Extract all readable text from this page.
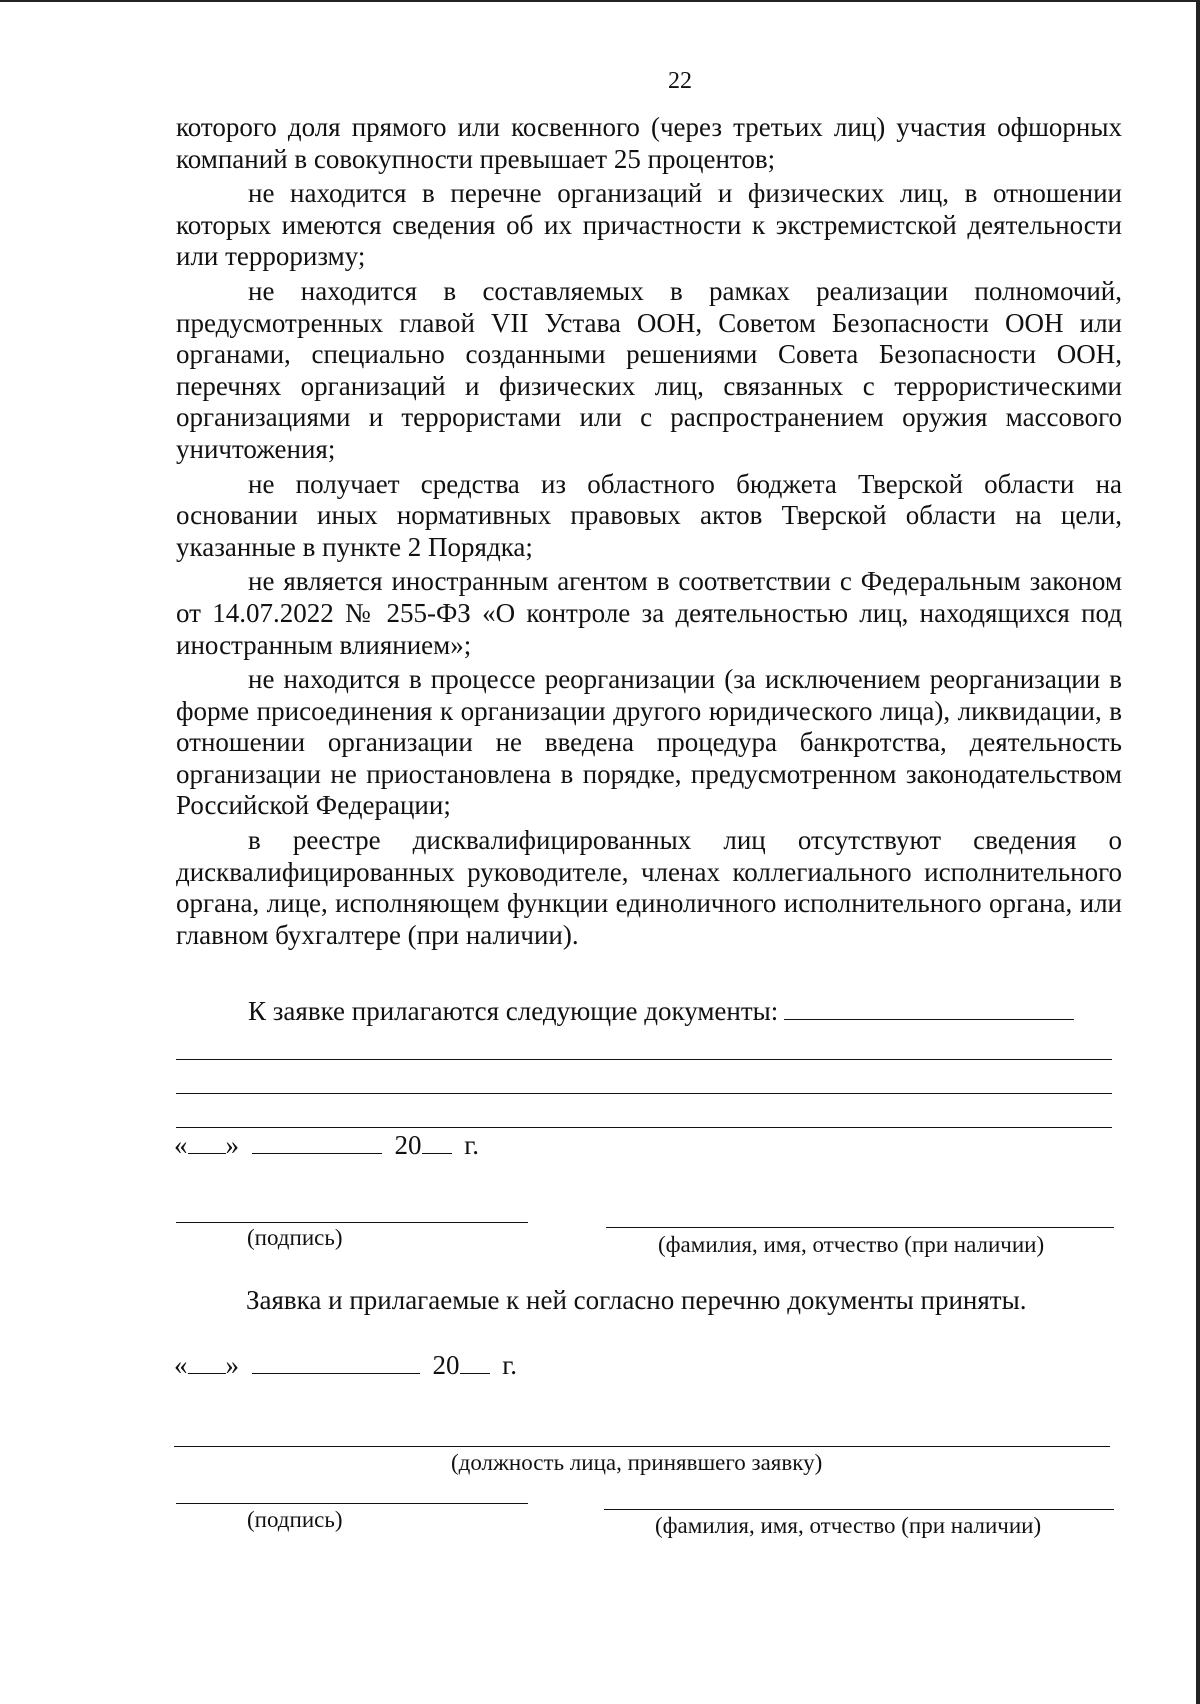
22

которого доля прямого или косвенного (через третьих лиц) участия офшорных компаний в совокупности превышает 25 процентов;

не находится в перечне организаций и физических лиц, в отношении которых имеются сведения об их причастности к экстремистской деятельности или терроризму;

не находится в составляемых в рамках реализации полномочий, предусмотренных главой VII Устава ООН, Советом Безопасности ООН или органами, специально созданными решениями Совета Безопасности ООН, перечнях организаций и физических лиц, связанных с террористическими организациями и террористами или с распространением оружия массового уничтожения;

не получает средства из областного бюджета Тверской области на основании иных нормативных правовых актов Тверской области на цели, указанные в пункте 2 Порядка;

не является иностранным агентом в соответствии с Федеральным законом от 14.07.2022 № 255-ФЗ «О контроле за деятельностью лиц, находящихся под иностранным влиянием»;

не находится в процессе реорганизации (за исключением реорганизации в форме присоединения к организации другого юридического лица), ликвидации, в отношении организации не введена процедура банкротства, деятельность организации не приостановлена в порядке, предусмотренном законодательством Российской Федерации;

в реестре дисквалифицированных лиц отсутствуют сведения о дисквалифицированных руководителе, членах коллегиального исполнительного органа, лице, исполняющем функции единоличного исполнительного органа, или главном бухгалтере (при наличии).

К заявке прилагаются следующие документы:
« »	20 г.
(подпись)	(фамилия, имя, отчество (при наличии)
Заявка и прилагаемые к ней согласно перечню документы приняты.
« »	20 г.
(должность лица, принявшего заявку)
(подпись)	(фамилия, имя, отчество (при наличии)
